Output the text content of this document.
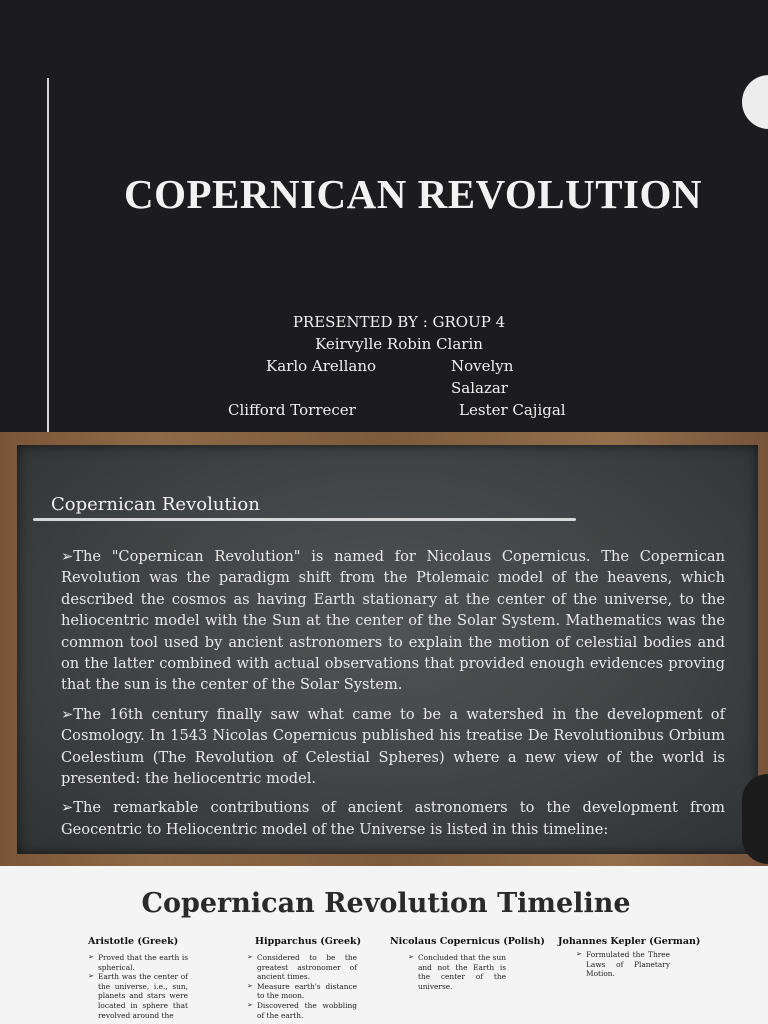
COPERNICAN REVOLUTION
PRESENTED BY : GROUP 4
Keirvylle Robin Clarin
Karlo Arellano	Novelyn Salazar
Clifford Torrecer	Lester Cajigal
Copernican Revolution

➢The "Copernican Revolution" is named for Nicolaus Copernicus. The Copernican Revolution was the paradigm shift from the Ptolemaic model of the heavens, which described the cosmos as having Earth stationary at the center of the universe, to the heliocentric model with the Sun at the center of the Solar System. Mathematics was the common tool used by ancient astronomers to explain the motion of celestial bodies and on the latter combined with actual observations that provided enough evidences proving that the sun is the center of the Solar System.

➢The 16th century finally saw what came to be a watershed in the development of Cosmology. In 1543 Nicolas Copernicus published his treatise De Revolutionibus Orbium Coelestium (The Revolution of Celestial Spheres) where a new view of the world is presented: the heliocentric model.

➢The remarkable contributions of ancient astronomers to the development from Geocentric to Heliocentric model of the Universe is listed in this timeline:

Copernican Revolution Timeline
Aristotle (Greek)
➢ Proved that the earth is spherical.
➢ Earth was the center of the universe, i.e., sun, planets and stars were located in sphere that revolved around the
Hipparchus (Greek)
➢ Considered to be the greatest astronomer of ancient times.
➢ Measure earth's distance to the moon.
➢ Discovered the wobbling of the earth.
Nicolaus Copernicus (Polish)
➢ Concluded that the sun and not the Earth is the center of the universe.
Johannes Kepler (German)
➢ Formulated the Three Laws of Planetary Motion.
